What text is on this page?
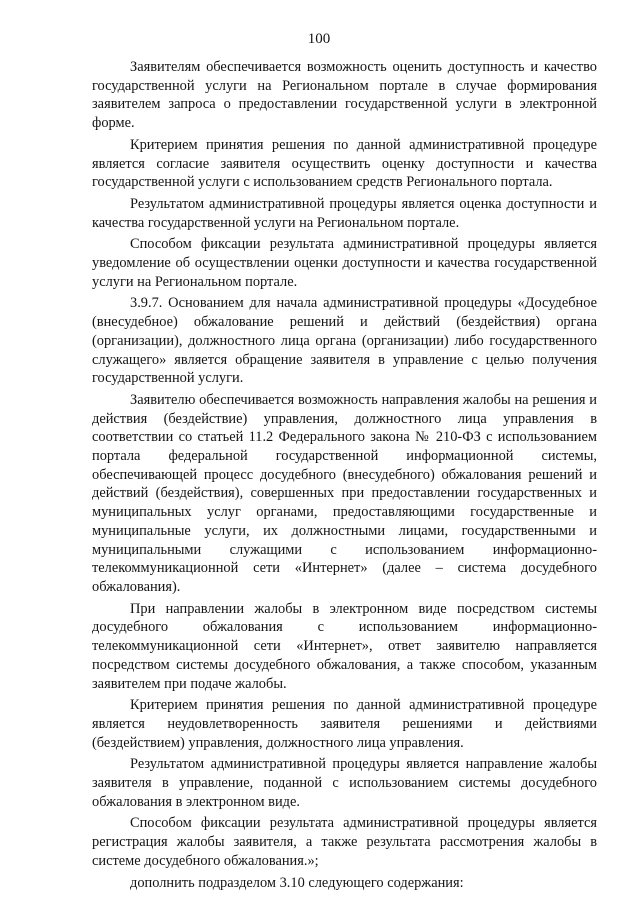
100

Заявителям обеспечивается возможность оценить доступность и качество государственной услуги на Региональном портале в случае формирования заявителем запроса о предоставлении государственной услуги в электронной форме.

Критерием принятия решения по данной административной процедуре является согласие заявителя осуществить оценку доступности и качества государственной услуги с использованием средств Регионального портала.

Результатом административной процедуры является оценка доступности и качества государственной услуги на Региональном портале.

Способом фиксации результата административной процедуры является уведомление об осуществлении оценки доступности и качества государственной услуги на Региональном портале.

3.9.7. Основанием для начала административной процедуры «Досудебное (внесудебное) обжалование решений и действий (бездействия) органа (организации), должностного лица органа (организации) либо государственного служащего» является обращение заявителя в управление с целью получения государственной услуги.

Заявителю обеспечивается возможность направления жалобы на решения и действия (бездействие) управления, должностного лица управления в соответствии со статьей 11.2 Федерального закона № 210-ФЗ с использованием портала федеральной государственной информационной системы, обеспечивающей процесс досудебного (внесудебного) обжалования решений и действий (бездействия), совершенных при предоставлении государственных и муниципальных услуг органами, предоставляющими государственные и муниципальные услуги, их должностными лицами, государственными и муниципальными служащими с использованием информационно-телекоммуникационной сети «Интернет» (далее – система досудебного обжалования).

При направлении жалобы в электронном виде посредством системы досудебного обжалования с использованием информационно-телекоммуникационной сети «Интернет», ответ заявителю направляется посредством системы досудебного обжалования, а также способом, указанным заявителем при подаче жалобы.

Критерием принятия решения по данной административной процедуре является неудовлетворенность заявителя решениями и действиями (бездействием) управления, должностного лица управления.

Результатом административной процедуры является направление жалобы заявителя в управление, поданной с использованием системы досудебного обжалования в электронном виде.

Способом фиксации результата административной процедуры является регистрация жалобы заявителя, а также результата рассмотрения жалобы в системе досудебного обжалования.»;

дополнить подразделом 3.10 следующего содержания:
